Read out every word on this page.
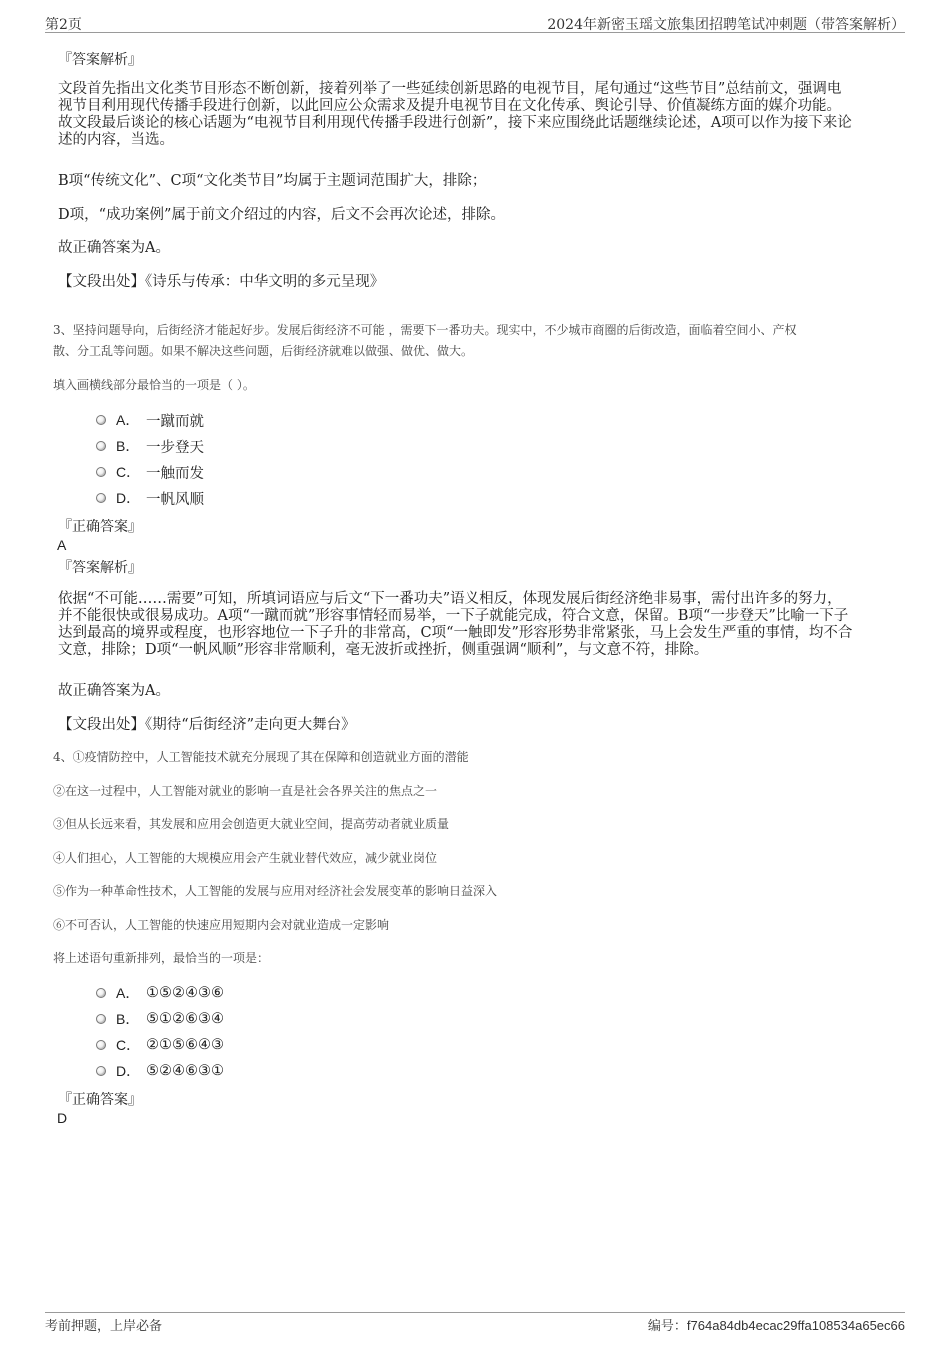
第2页	2024年新密玉瑶文旅集团招聘笔试冲刺题（带答案解析）
『答案解析』
文段首先指出文化类节目形态不断创新，接着列举了一些延续创新思路的电视节目，尾句通过“这些节目”总结前文，强调电
视节目利用现代传播手段进行创新，以此回应公众需求及提升电视节目在文化传承、舆论引导、价值凝练方面的媒介功能。
故文段最后谈论的核心话题为“电视节目利用现代传播手段进行创新”，接下来应围绕此话题继续论述，A项可以作为接下来论
述的内容，当选。
B项“传统文化”、C项“文化类节目”均属于主题词范围扩大，排除；
D项，“成功案例”属于前文介绍过的内容，后文不会再次论述，排除。
故正确答案为A。
【文段出处】《诗乐与传承：中华文明的多元呈现》
3、坚持问题导向，后街经济才能起好步。发展后街经济不可能 ，需要下一番功夫。现实中，不少城市商圈的后街改造，面临着空间小、产权
散、分工乱等问题。如果不解决这些问题，后街经济就难以做强、做优、做大。
填入画横线部分最恰当的一项是（ ）。
A． 一蹴而就
B． 一步登天
C． 一触而发
D． 一帆风顺
『正确答案』
A
『答案解析』
依据“不可能……需要”可知，所填词语应与后文“下一番功夫”语义相反，体现发展后街经济绝非易事，需付出许多的努力，
并不能很快或很易成功。A项“一蹴而就”形容事情轻而易举，一下子就能完成，符合文意，保留。B项“一步登天”比喻一下子
达到最高的境界或程度，也形容地位一下子升的非常高，C项“一触即发”形容形势非常紧张，马上会发生严重的事情，均不合
文意，排除；D项“一帆风顺”形容非常顺利，毫无波折或挫折，侧重强调“顺利”，与文意不符，排除。
故正确答案为A。
【文段出处】《期待“后街经济”走向更大舞台》
4、①疫情防控中，人工智能技术就充分展现了其在保障和创造就业方面的潜能
②在这一过程中，人工智能对就业的影响一直是社会各界关注的焦点之一
③但从长远来看，其发展和应用会创造更大就业空间，提高劳动者就业质量
④人们担心，人工智能的大规模应用会产生就业替代效应，减少就业岗位
⑤作为一种革命性技术，人工智能的发展与应用对经济社会发展变革的影响日益深入
⑥不可否认，人工智能的快速应用短期内会对就业造成一定影响
将上述语句重新排列，最恰当的一项是：
A． ①⑤②④③⑥
B． ⑤①②⑥③④
C． ②①⑤⑥④③
D． ⑤②④⑥③①
『正确答案』
D
考前押题，上岸必备	编号：f764a84db4ecac29ffa108534a65ec66
